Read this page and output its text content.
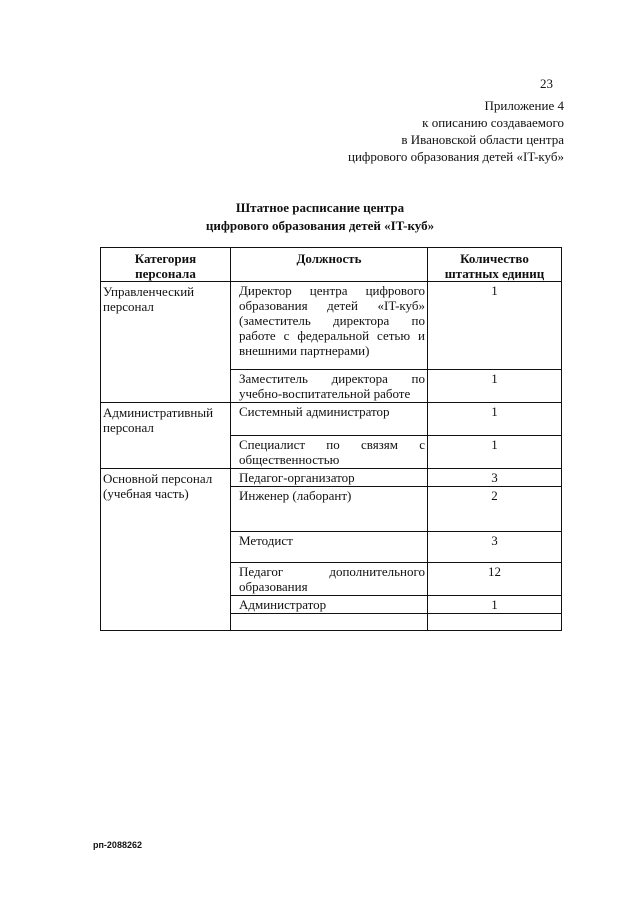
23
Приложение 4
к описанию создаваемого
в Ивановской области центра
цифрового образования детей «IT-куб»
Штатное расписание центра
цифрового образования детей «IT-куб»
Категория персонала	Должность	Количество штатных единиц
Управленческий персонал	Директор центра цифрового образования детей «IT-куб» (заместитель директора по работе с федеральной сетью и внешними партнерами)	1

	Заместитель директора по учебно-воспитательной работе	1
Административный персонал	Системный администратор	1

	Специалист по связям с общественностью	1
Основной персонал (учебная часть)	Педагог-организатор	3

	Инженер (лаборант)	2

	Методист	3

	Педагог дополнительного образования	12

	Администратор	1

рп-2088262
